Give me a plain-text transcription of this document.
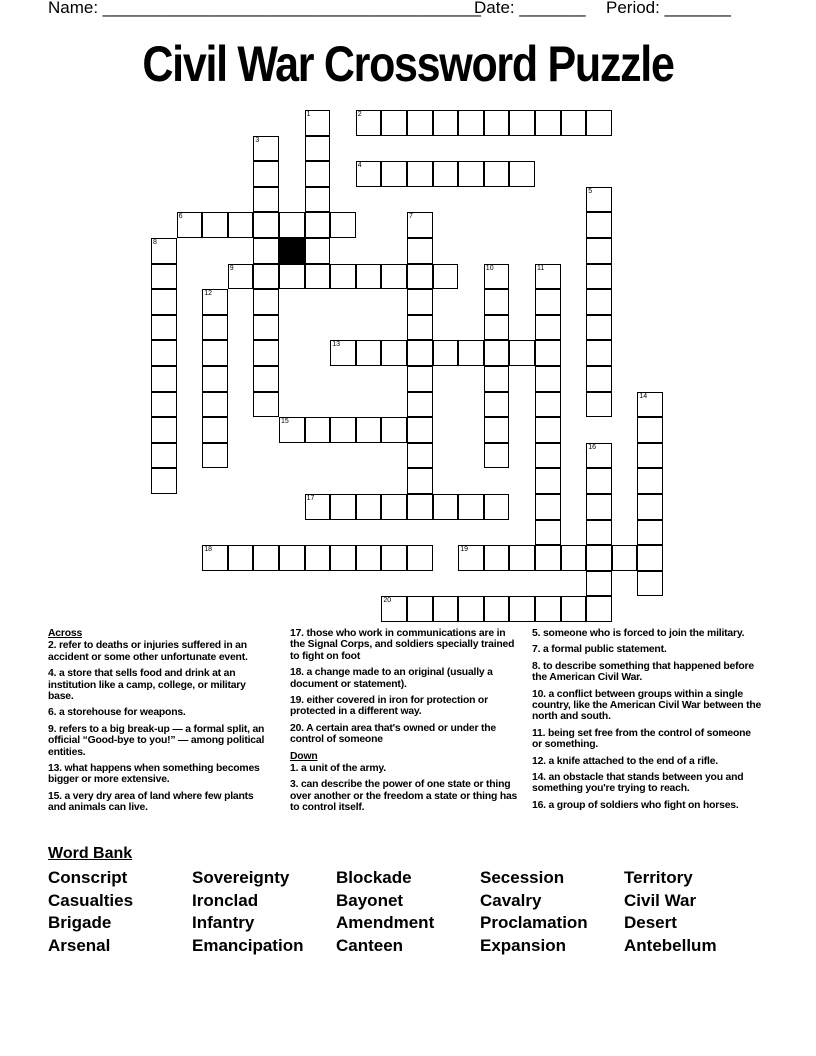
Name: ________________________________________
Date: _______ Period: _______
Civil War Crossword Puzzle
1	2
3
4
5
6	7
8
9	10	11
12
13
14
15
16
17
18	19
20
Across
2. refer to deaths or injuries suffered in an accident or some other unfortunate event.
4. a store that sells food and drink at an institution like a camp, college, or military base.
6. a storehouse for weapons.
9. refers to a big break-up — a formal split, an official “Good-bye to you!” — among political entities.
13. what happens when something becomes bigger or more extensive.
15. a very dry area of land where few plants and animals can live.
17. those who work in communications are in the Signal Corps, and soldiers specially trained to fight on foot
18. a change made to an original (usually a document or statement).
19. either covered in iron for protection or protected in a different way.
20. A certain area that's owned or under the control of someone
Down
1. a unit of the army.
3. can describe the power of one state or thing over another or the freedom a state or thing has to control itself.
5. someone who is forced to join the military.
7. a formal public statement.
8. to describe something that happened before the American Civil War.
10. a conflict between groups within a single country, like the American Civil War between the north and south.
11. being set free from the control of someone or something.
12. a knife attached to the end of a rifle.
14. an obstacle that stands between you and something you're trying to reach.
16. a group of soldiers who fight on horses.
Word Bank
Conscript
Casualties
Brigade
Arsenal
Sovereignty
Ironclad
Infantry
Emancipation
Blockade
Bayonet
Amendment
Canteen
Secession
Cavalry
Proclamation
Expansion
Territory
Civil War
Desert
Antebellum
